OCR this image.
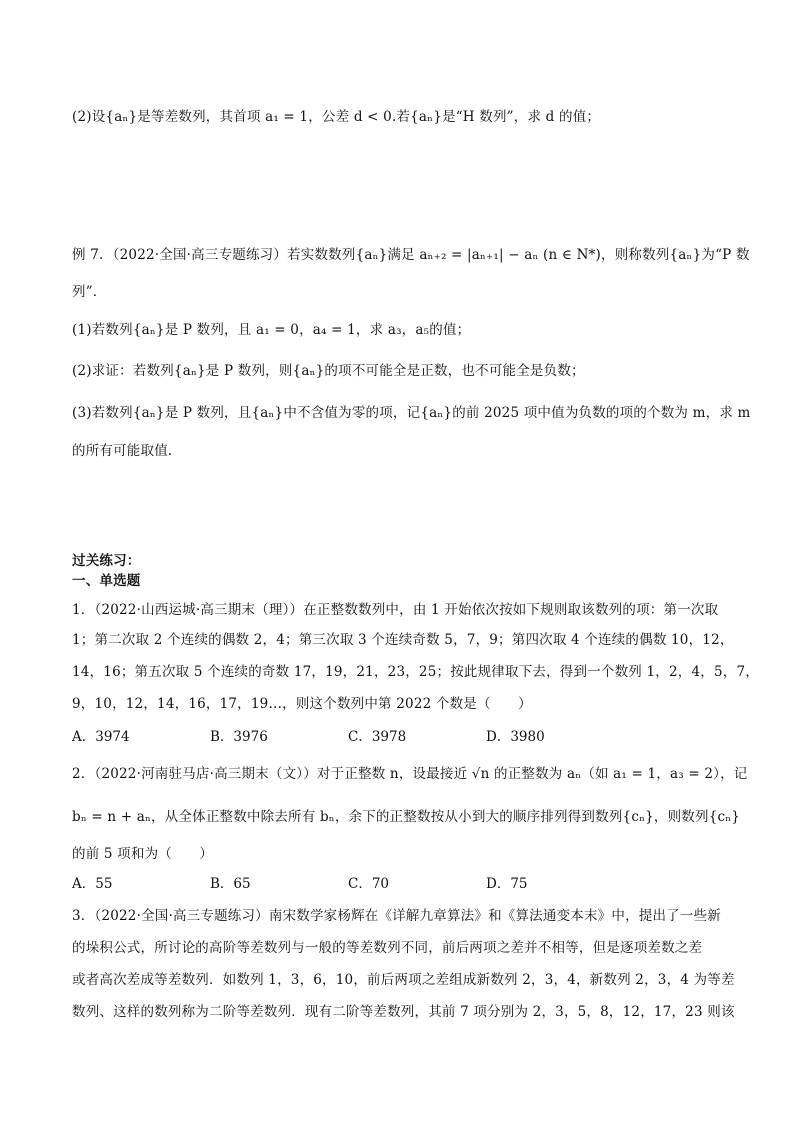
(2)设{aₙ}是等差数列，其首项 a₁ = 1，公差 d < 0.若{aₙ}是“H 数列”，求 d 的值；
例 7．（2022·全国·高三专题练习）若实数数列{aₙ}满足 aₙ₊₂ = |aₙ₊₁| − aₙ (n ∈ N*)，则称数列{aₙ}为“P 数
列”．
(1)若数列{aₙ}是 P 数列，且 a₁ = 0，a₄ = 1，求 a₃，a₅的值；
(2)求证：若数列{aₙ}是 P 数列，则{aₙ}的项不可能全是正数，也不可能全是负数；
(3)若数列{aₙ}是 P 数列，且{aₙ}中不含值为零的项，记{aₙ}的前 2025 项中值为负数的项的个数为 m，求 m
的所有可能取值．
过关练习：
一、单选题
1．（2022·山西运城·高三期末（理））在正整数数列中，由 1 开始依次按如下规则取该数列的项：第一次取
1；第二次取 2 个连续的偶数 2，4；第三次取 3 个连续奇数 5，7，9；第四次取 4 个连续的偶数 10，12，
14，16；第五次取 5 个连续的奇数 17，19，21，23，25；按此规律取下去，得到一个数列 1，2，4，5，7，
9，10，12，14，16，17，19…，则这个数列中第 2022 个数是（　　）
A．3974	B．3976	C．3978	D．3980
2．（2022·河南驻马店·高三期末（文））对于正整数 n，设最接近 √n 的正整数为 aₙ（如 a₁ = 1，a₃ = 2），记
bₙ = n + aₙ，从全体正整数中除去所有 bₙ，余下的正整数按从小到大的顺序排列得到数列{cₙ}，则数列{cₙ}
的前 5 项和为（　　）
A．55	B．65	C．70	D．75
3．（2022·全国·高三专题练习）南宋数学家杨辉在《详解九章算法》和《算法通变本末》中，提出了一些新
的垛积公式，所讨论的高阶等差数列与一般的等差数列不同，前后两项之差并不相等，但是逐项差数之差
或者高次差成等差数列．如数列 1，3，6，10，前后两项之差组成新数列 2，3，4，新数列 2，3，4 为等差
数列、这样的数列称为二阶等差数列．现有二阶等差数列，其前 7 项分别为 2，3，5，8，12，17，23 则该
